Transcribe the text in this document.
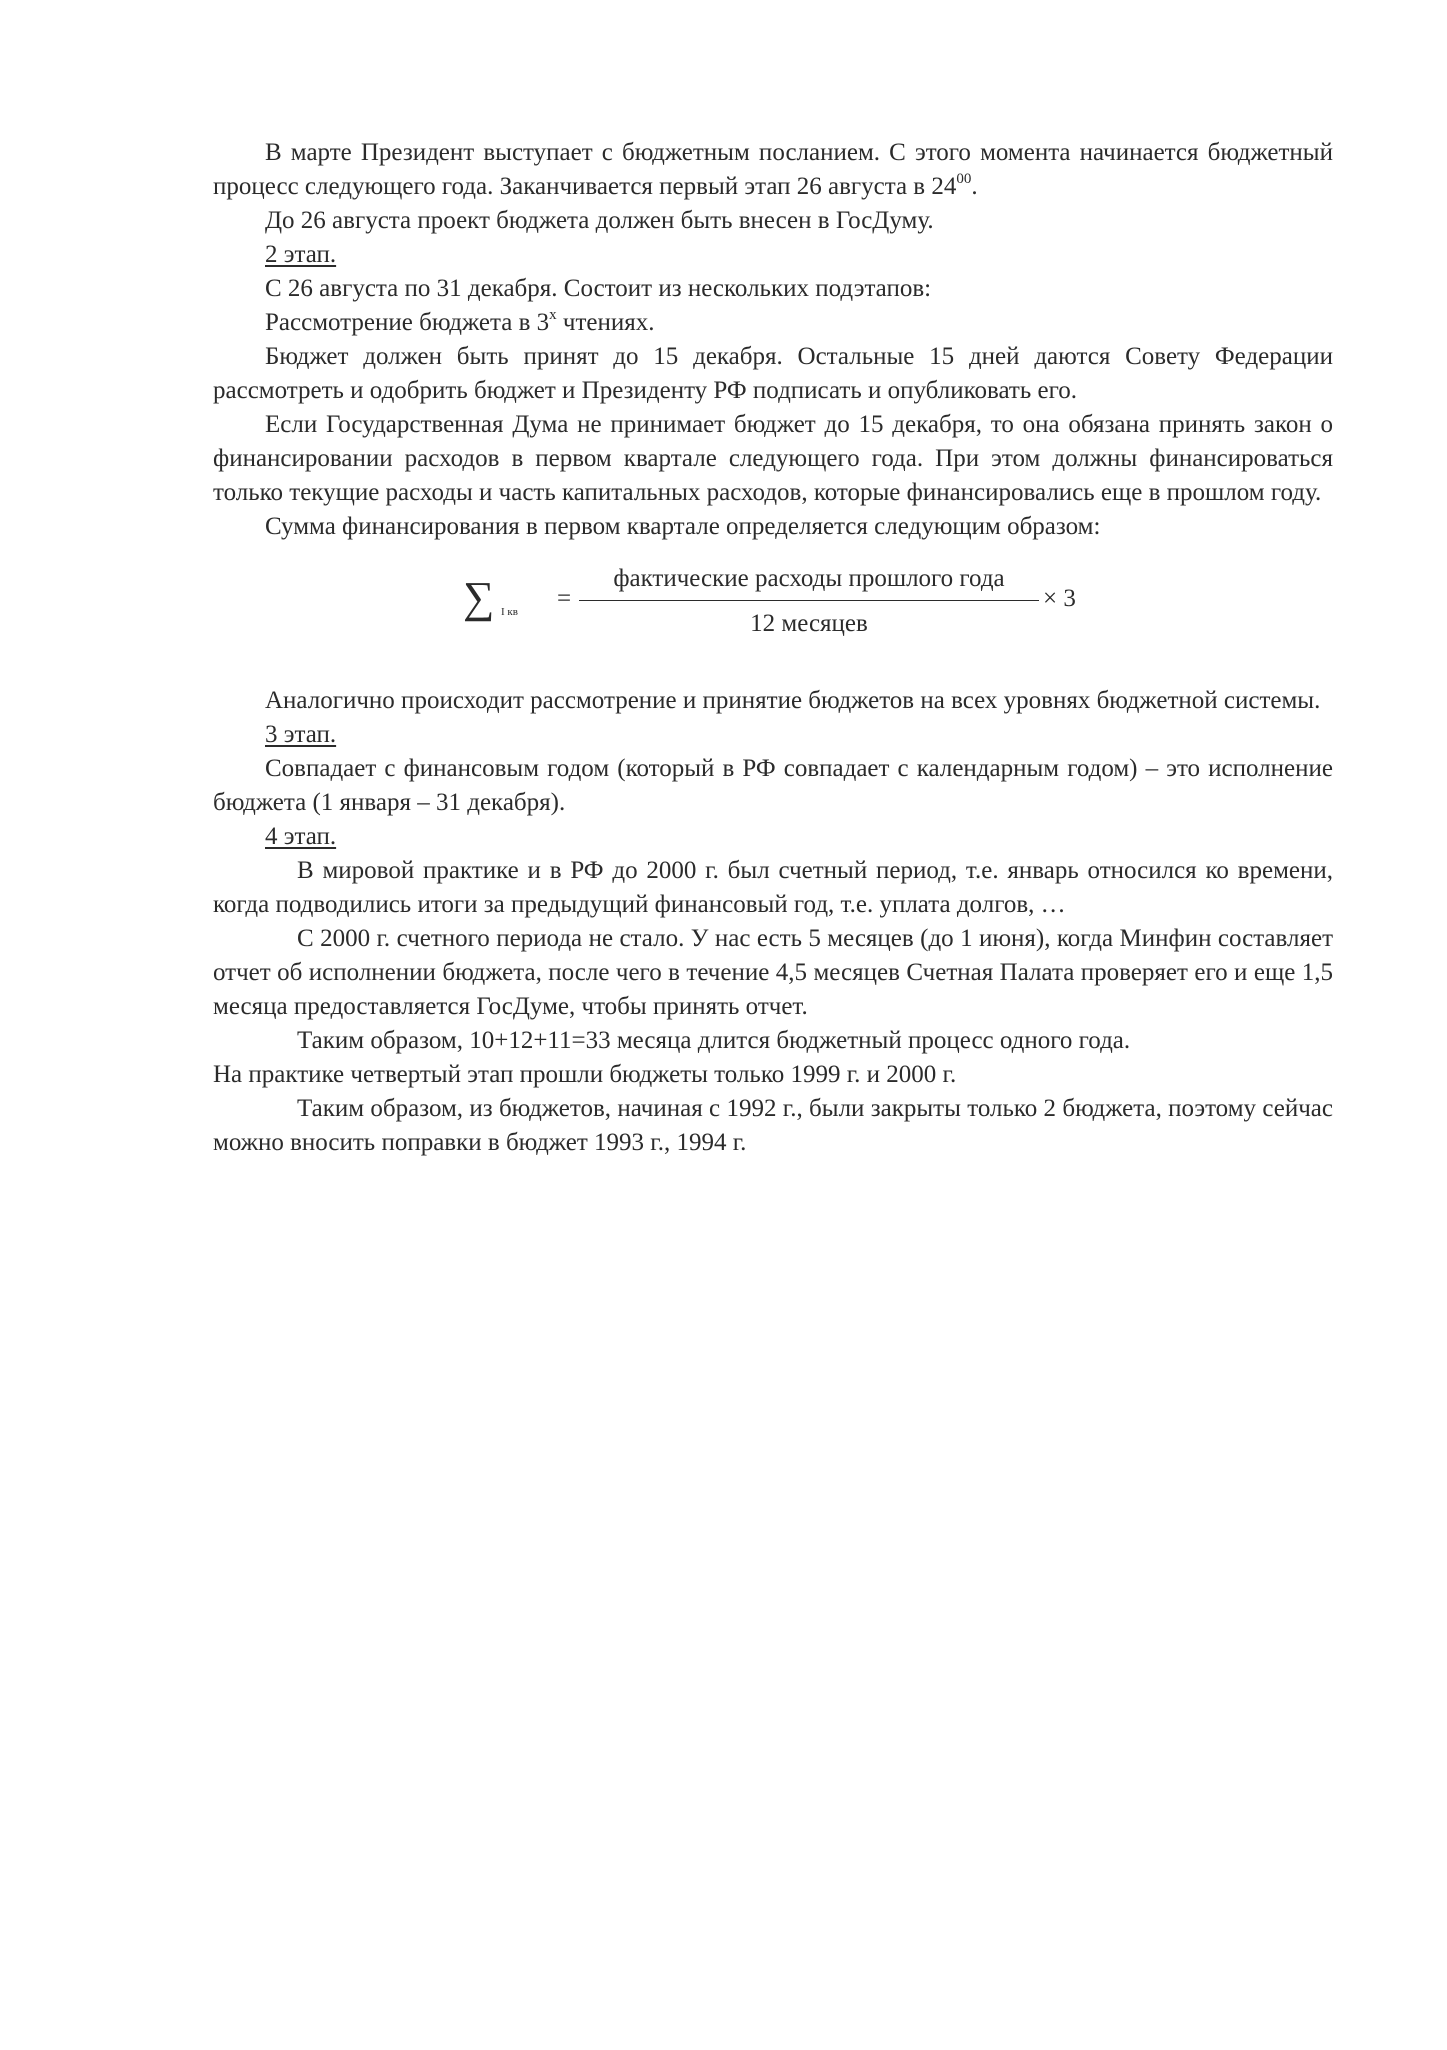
В марте Президент выступает с бюджетным посланием. С этого момента начинается бюджетный процесс следующего года. Заканчивается первый этап 26 августа в $24^{00}$.

До 26 августа проект бюджета должен быть внесен в ГосДуму.

2 этап.

С 26 августа по 31 декабря. Состоит из нескольких подэтапов:

Рассмотрение бюджета в $3^х$ чтениях.

Бюджет должен быть принят до 15 декабря. Остальные 15 дней даются Совету Федерации рассмотреть и одобрить бюджет и Президенту РФ подписать и опубликовать его.

Если Государственная Дума не принимает бюджет до 15 декабря, то она обязана принять закон о финансировании расходов в первом квартале следующего года. При этом должны финансироваться только текущие расходы и часть капитальных расходов, которые финансировались еще в прошлом году.

Сумма финансирования в первом квартале определяется следующим образом:

∑ I кв =
фактические расходы прошлого года
12 месяцев
× 3

Аналогично происходит рассмотрение и принятие бюджетов на всех уровнях бюджетной системы.

3 этап.

Совпадает с финансовым годом (который в РФ совпадает с календарным годом) – это исполнение бюджета (1 января – 31 декабря).

4 этап.

В мировой практике и в РФ до 2000 г. был счетный период, т.е. январь относился ко времени, когда подводились итоги за предыдущий финансовый год, т.е. уплата долгов, …

С 2000 г. счетного периода не стало. У нас есть 5 месяцев (до 1 июня), когда Минфин составляет отчет об исполнении бюджета, после чего в течение 4,5 месяцев Счетная Палата проверяет его и еще 1,5 месяца предоставляется ГосДуме, чтобы принять отчет.

Таким образом, 10+12+11=33 месяца длится бюджетный процесс одного года.

На практике четвертый этап прошли бюджеты только 1999 г. и 2000 г.

Таким образом, из бюджетов, начиная с 1992 г., были закрыты только 2 бюджета, поэтому сейчас можно вносить поправки в бюджет 1993 г., 1994 г.
